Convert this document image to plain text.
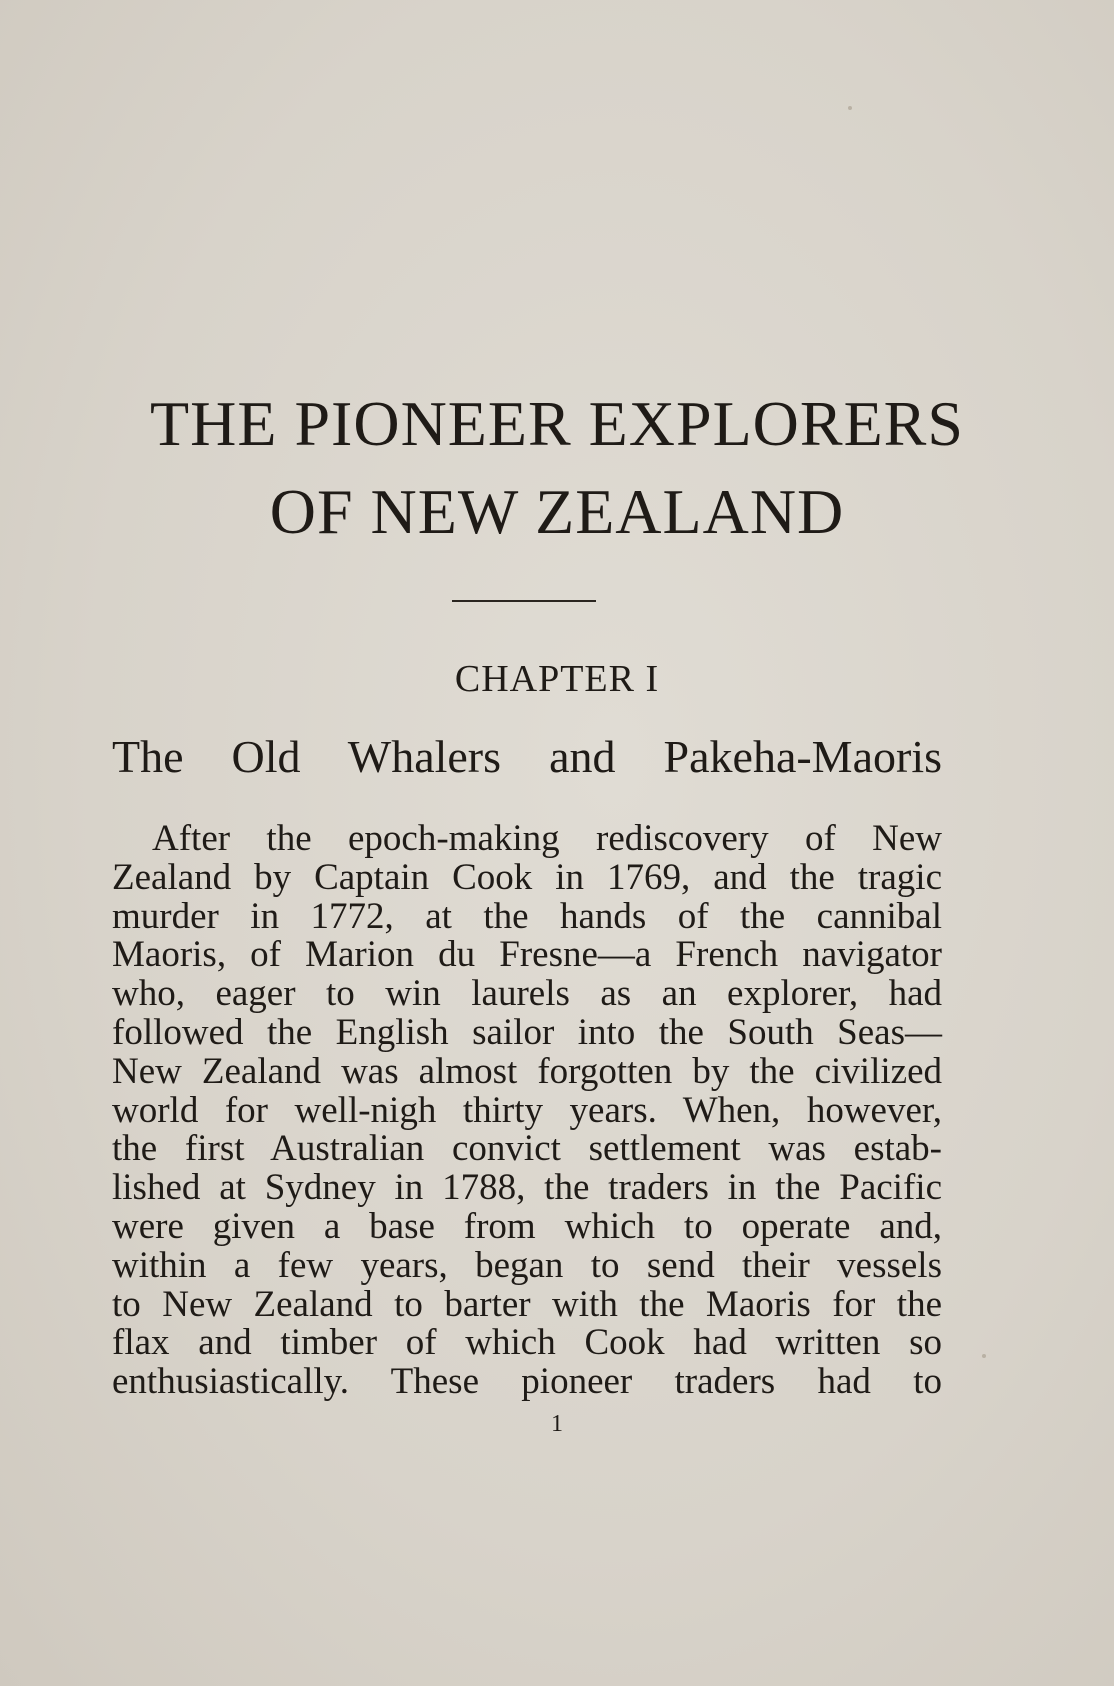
THE PIONEER EXPLORERS
OF NEW ZEALAND
CHAPTER I
The Old Whalers and Pakeha-Maoris
After the epoch-making rediscovery of New
Zealand by Captain Cook in 1769, and the tragic
murder in 1772, at the hands of the cannibal
Maoris, of Marion du Fresne—a French navigator
who, eager to win laurels as an explorer, had
followed the English sailor into the South Seas—
New Zealand was almost forgotten by the civilized
world for well-nigh thirty years. When, however,
the first Australian convict settlement was estab-
lished at Sydney in 1788, the traders in the Pacific
were given a base from which to operate and,
within a few years, began to send their vessels
to New Zealand to barter with the Maoris for the
flax and timber of which Cook had written so
enthusiastically. These pioneer traders had to
1
